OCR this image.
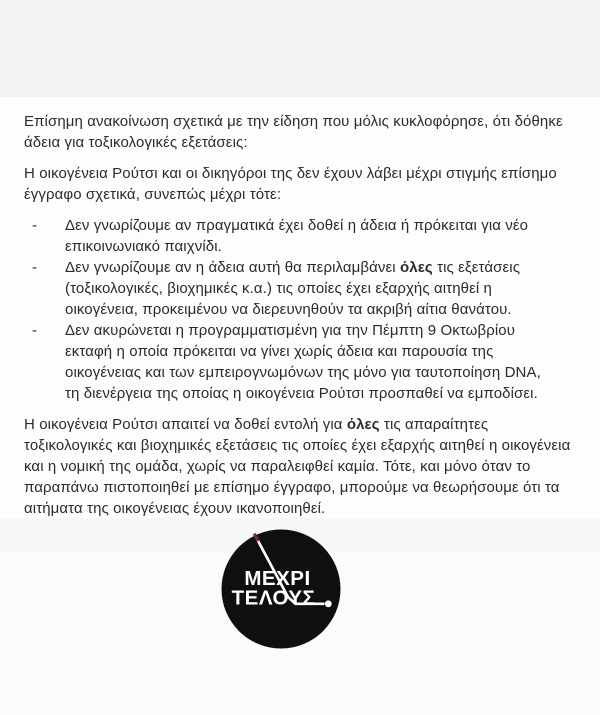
Επίσημη ανακοίνωση σχετικά με την είδηση που μόλις κυκλοφόρησε, ότι δόθηκε άδεια για τοξικολογικές εξετάσεις:

Η οικογένεια Ρούτσι και οι δικηγόροι της δεν έχουν λάβει μέχρι στιγμής επίσημο έγγραφο σχετικά, συνεπώς μέχρι τότε:

- Δεν γνωρίζουμε αν πραγματικά έχει δοθεί η άδεια ή πρόκειται για νέο επικοινωνιακό παιχνίδι.
- Δεν γνωρίζουμε αν η άδεια αυτή θα περιλαμβάνει όλες τις εξετάσεις (τοξικολογικές, βιοχημικές κ.α.) τις οποίες έχει εξαρχής αιτηθεί η οικογένεια, προκειμένου να διερευνηθούν τα ακριβή αίτια θανάτου.
- Δεν ακυρώνεται η προγραμματισμένη για την Πέμπτη 9 Οκτωβρίου εκταφή η οποία πρόκειται να γίνει χωρίς άδεια και παρουσία της οικογένειας και των εμπειρογνωμόνων της μόνο για ταυτοποίηση DNA, τη διενέργεια της οποίας η οικογένεια Ρούτσι προσπαθεί να εμποδίσει.

Η οικογένεια Ρούτσι απαιτεί να δοθεί εντολή για όλες τις απαραίτητες τοξικολογικές και βιοχημικές εξετάσεις τις οποίες έχει εξαρχής αιτηθεί η οικογένεια και η νομική της ομάδα, χωρίς να παραλειφθεί καμία. Τότε, και μόνο όταν το παραπάνω πιστοποιηθεί με επίσημο έγγραφο, μπορούμε να θεωρήσουμε ότι τα αιτήματα της οικογένειας έχουν ικανοποιηθεί.

ΜΕΧΡΙ
ΤΕΛΟΥΣ
